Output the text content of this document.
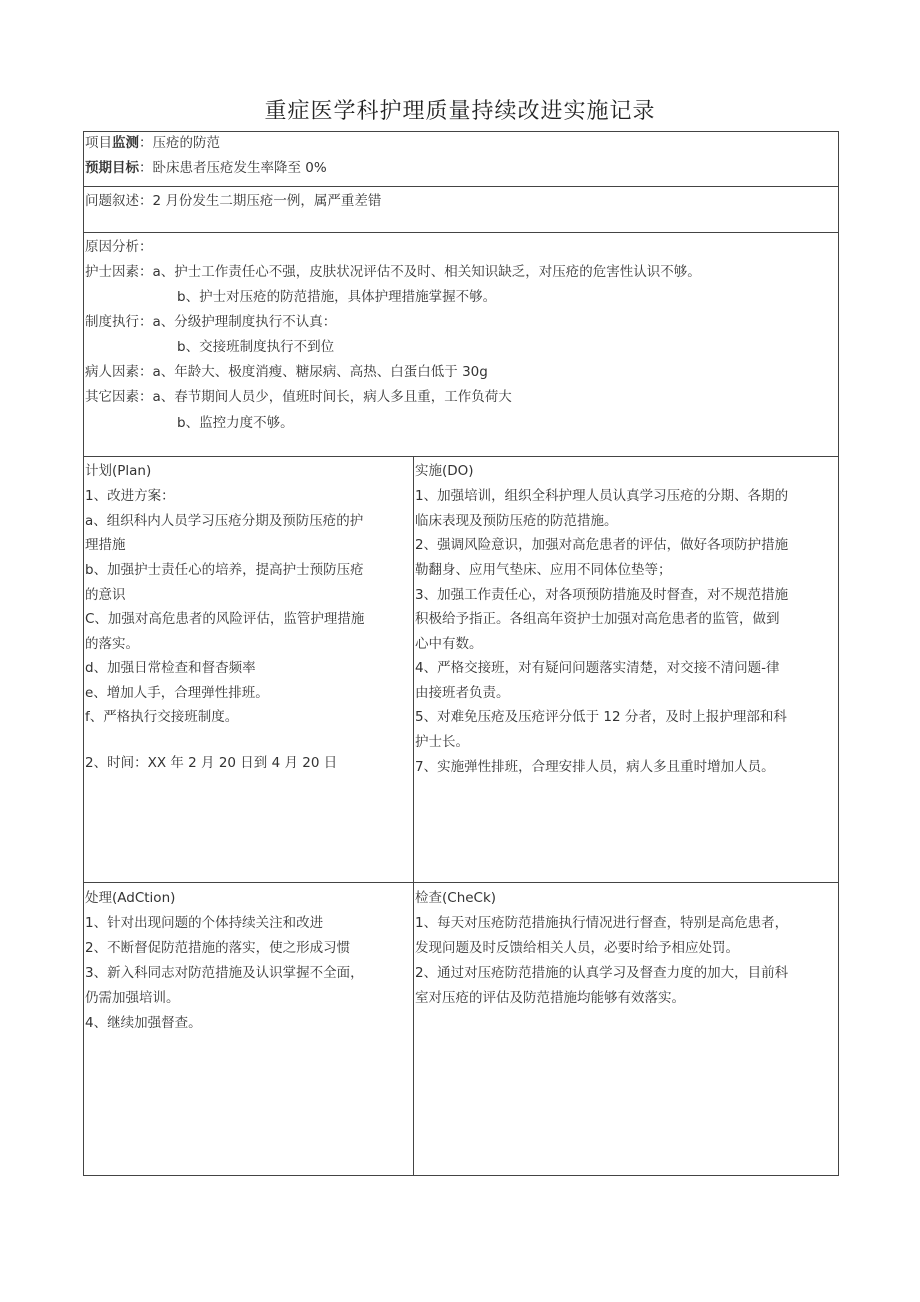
重症医学科护理质量持续改进实施记录
项目监测：压疮的防范
预期目标：卧床患者压疮发生率降至 0%
问题叙述：2 月份发生二期压疮一例，属严重差错
原因分析：
护士因素：a、护士工作责任心不强，皮肤状况评估不及时、相关知识缺乏，对压疮的危害性认识不够。
b、护士对压疮的防范措施，具体护理措施掌握不够。
制度执行：a、分级护理制度执行不认真：
b、交接班制度执行不到位
病人因素：a、年龄大、极度消瘦、糖尿病、高热、白蛋白低于 30g
其它因素：a、春节期间人员少，值班时间长，病人多且重，工作负荷大
b、监控力度不够。
计划(Plan)
1、改进方案：
a、组织科内人员学习压疮分期及预防压疮的护
理措施
b、加强护士责任心的培养，提高护士预防压疮
的意识
C、加强对高危患者的风险评估，监管护理措施
的落实。
d、加强日常检查和督杳频率
e、增加人手，合理弹性排班。
f、严格执行交接班制度。
2、时间：XX 年 2 月 20 日到 4 月 20 日
实施(DO)
1、加强培训，组织全科护理人员认真学习压疮的分期、各期的
临床表现及预防压疮的防范措施。
2、强调风险意识，加强对高危患者的评估，做好各项防护措施
勒翻身、应用气垫床、应用不同体位垫等；
3、加强工作责任心，对各项预防措施及时督查，对不规范措施
积极给予指正。各组高年资护士加强对高危患者的监管，做到
心中有数。
4、严格交接班，对有疑问问题落实清楚，对交接不清问题-律
由接班者负责。
5、对难免压疮及压疮评分低于 12 分者，及时上报护理部和科
护士长。
7、实施弹性排班，合理安排人员，病人多且重时增加人员。
处理(AdCtion)
1、针对出现问题的个体持续关注和改进
2、不断督促防范措施的落实，使之形成习惯
3、新入科同志对防范措施及认识掌握不全面，
仍需加强培训。
4、继续加强督查。
检查(CheCk)
1、每天对压疮防范措施执行情况进行督查，特别是高危患者，
发现问题及时反馈给相关人员，必要时给予相应处罚。
2、通过对压疮防范措施的认真学习及督查力度的加大，目前科
室对压疮的评估及防范措施均能够有效落实。
